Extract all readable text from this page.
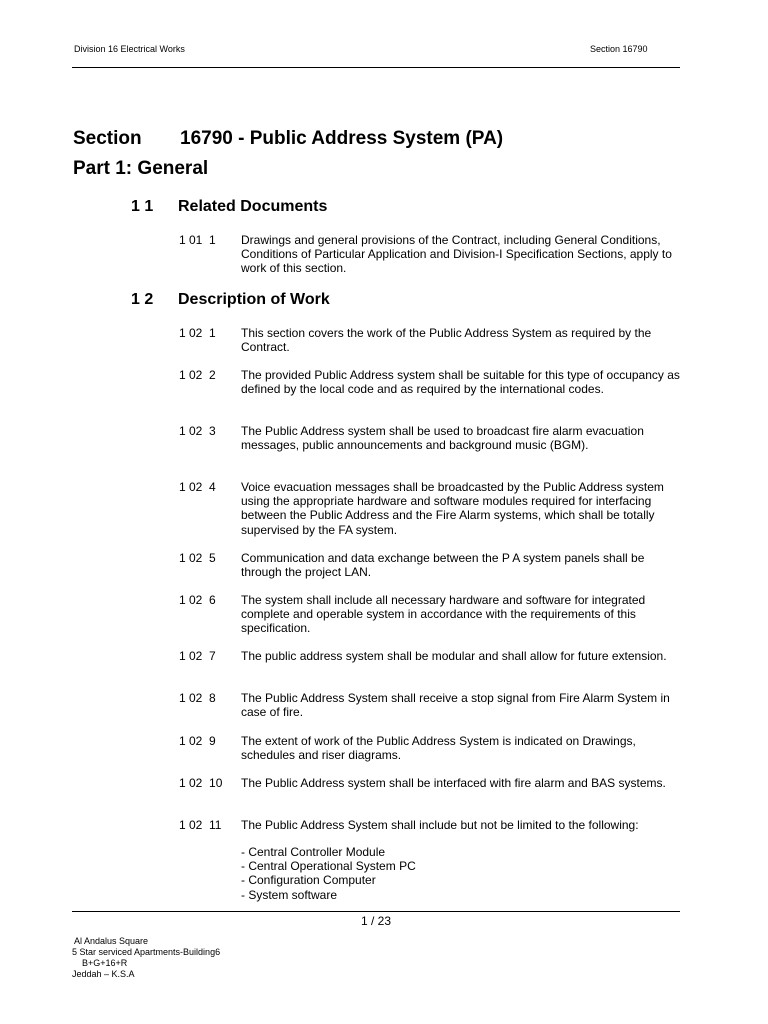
Division 16 Electrical Works	Section 16790
Section 16790 - Public Address System (PA)
Part 1: General
1 1 Related Documents
1 01  1 Drawings and general provisions of the Contract, including General Conditions, Conditions of Particular Application and Division-I Specification Sections, apply to work of this section.
1 2 Description of Work
1 02  1 This section covers the work of the Public Address System as required by the Contract.
1 02  2 The provided Public Address system shall be suitable for this type of occupancy as defined by the local code and as required by the international codes.
1 02  3 The Public Address system shall be used to broadcast fire alarm evacuation messages, public announcements and background music (BGM).
1 02  4 Voice evacuation messages shall be broadcasted by the Public Address system using the appropriate hardware and software modules required for interfacing between the Public Address and the Fire Alarm systems, which shall be totally supervised by the FA system.
1 02  5 Communication and data exchange between the P A system panels shall be through the project LAN.
1 02  6 The system shall include all necessary hardware and software for integrated complete and operable system in accordance with the requirements of this specification.
1 02  7 The public address system shall be modular and shall allow for future extension.
1 02  8 The Public Address System shall receive a stop signal from Fire Alarm System in case of fire.
1 02  9 The extent of work of the Public Address System is indicated on Drawings, schedules and riser diagrams.
1 02  10 The Public Address system shall be interfaced with fire alarm and BAS systems.
1 02  11 The Public Address System shall include but not be limited to the following:
- Central Controller Module
- Central Operational System PC
- Configuration Computer
- System software
1 / 23
Al Andalus Square
5 Star serviced Apartments-Building6
B+G+16+R
Jeddah – K.S.A
